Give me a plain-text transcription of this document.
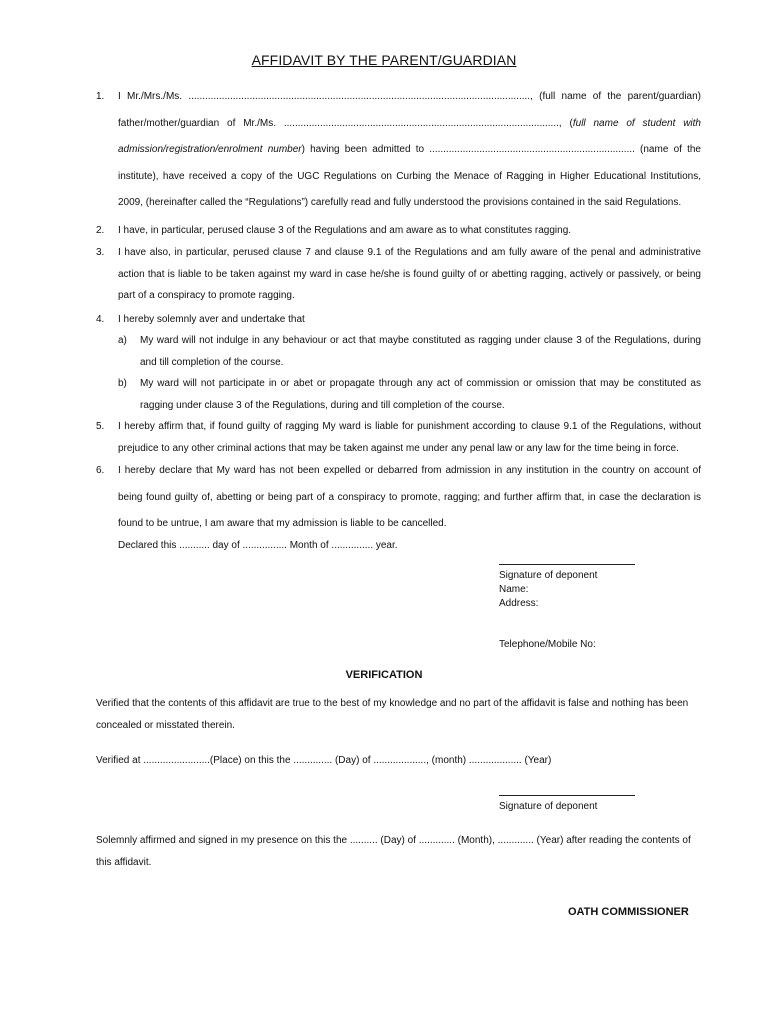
AFFIDAVIT BY THE PARENT/GUARDIAN
1.	I Mr./Mrs./Ms. ..........................................................................................................................., (full name of the parent/guardian) father/mother/guardian of Mr./Ms. ..................................................................................................., (full name of student with admission/registration/enrolment number) having been admitted to .......................................................................... (name of the institute), have received a copy of the UGC Regulations on Curbing the Menace of Ragging in Higher Educational Institutions, 2009, (hereinafter called the “Regulations”) carefully read and fully understood the provisions contained in the said Regulations.
2.	I have, in particular, perused clause 3 of the Regulations and am aware as to what constitutes ragging.
3.	I have also, in particular, perused clause 7 and clause 9.1 of the Regulations and am fully aware of the penal and administrative action that is liable to be taken against my ward in case he/she is found guilty of or abetting ragging, actively or passively, or being part of a conspiracy to promote ragging.
4.	I hereby solemnly aver and undertake that
a)	My ward will not indulge in any behaviour or act that maybe constituted as ragging under clause 3 of the Regulations, during and till completion of the course.
b)	My ward will not participate in or abet or propagate through any act of commission or omission that may be constituted as ragging under clause 3 of the Regulations, during and till completion of the course.
5.	I hereby affirm that, if found guilty of ragging My ward is liable for punishment according to clause 9.1 of the Regulations, without prejudice to any other criminal actions that may be taken against me under any penal law or any law for the time being in force.
6.	I hereby declare that My ward has not been expelled or debarred from admission in any institution in the country on account of being found guilty of, abetting or being part of a conspiracy to promote, ragging; and further affirm that, in case the declaration is found to be untrue, I am aware that my admission is liable to be cancelled.
Declared this ........... day of ................ Month of ............... year.
Signature of deponent
Name:
Address:
Telephone/Mobile No:
VERIFICATION
Verified that the contents of this affidavit are true to the best of my knowledge and no part of the affidavit is false and nothing has been concealed or misstated therein.
Verified at ........................(Place) on this the .............. (Day) of ..................., (month) ................... (Year)
Signature of deponent
Solemnly affirmed and signed in my presence on this the .......... (Day) of ............. (Month), ............. (Year) after reading the contents of this affidavit.
OATH COMMISSIONER
